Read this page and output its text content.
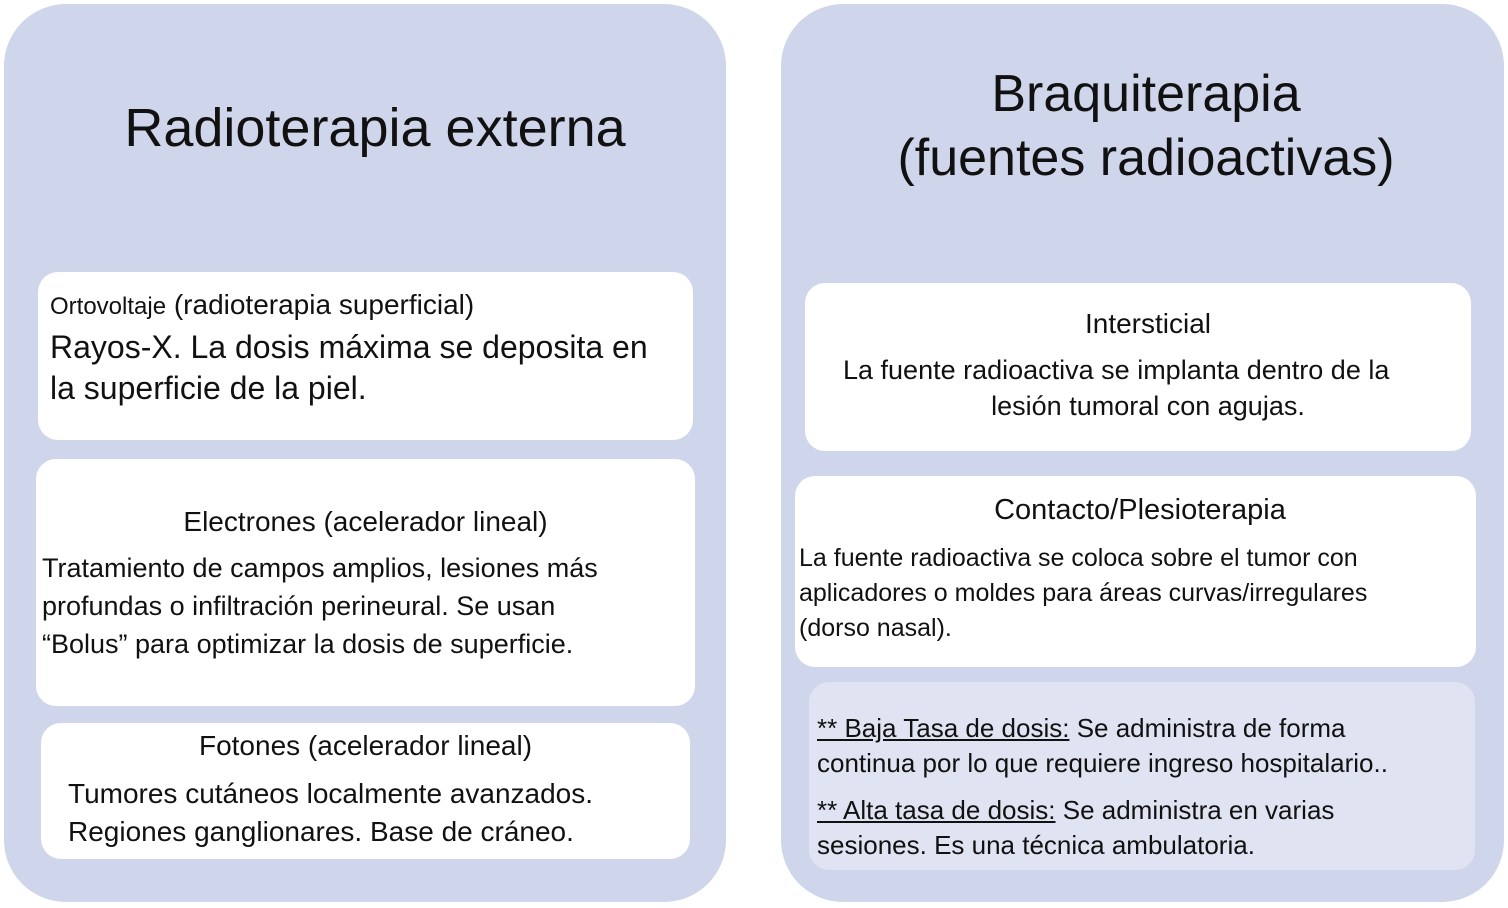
Radioterapia externa
Ortovoltaje (radioterapia superficial)
Rayos-X. La dosis máxima se deposita en
la superficie de la piel.
Electrones (acelerador lineal)
Tratamiento de campos amplios, lesiones más
profundas o infiltración perineural. Se usan
“Bolus” para optimizar la dosis de superficie.
Fotones (acelerador lineal)
Tumores cutáneos localmente avanzados.
Regiones ganglionares. Base de cráneo.
Braquiterapia
(fuentes radioactivas)
Intersticial
La fuente radioactiva se implanta dentro de la
lesión tumoral con agujas.
Contacto/Plesioterapia
La fuente radioactiva se coloca sobre el tumor con
aplicadores o moldes para áreas curvas/irregulares
(dorso nasal).
** Baja Tasa de dosis: Se administra de forma
continua por lo que requiere ingreso hospitalario..
** Alta tasa de dosis: Se administra en varias
sesiones. Es una técnica ambulatoria.
